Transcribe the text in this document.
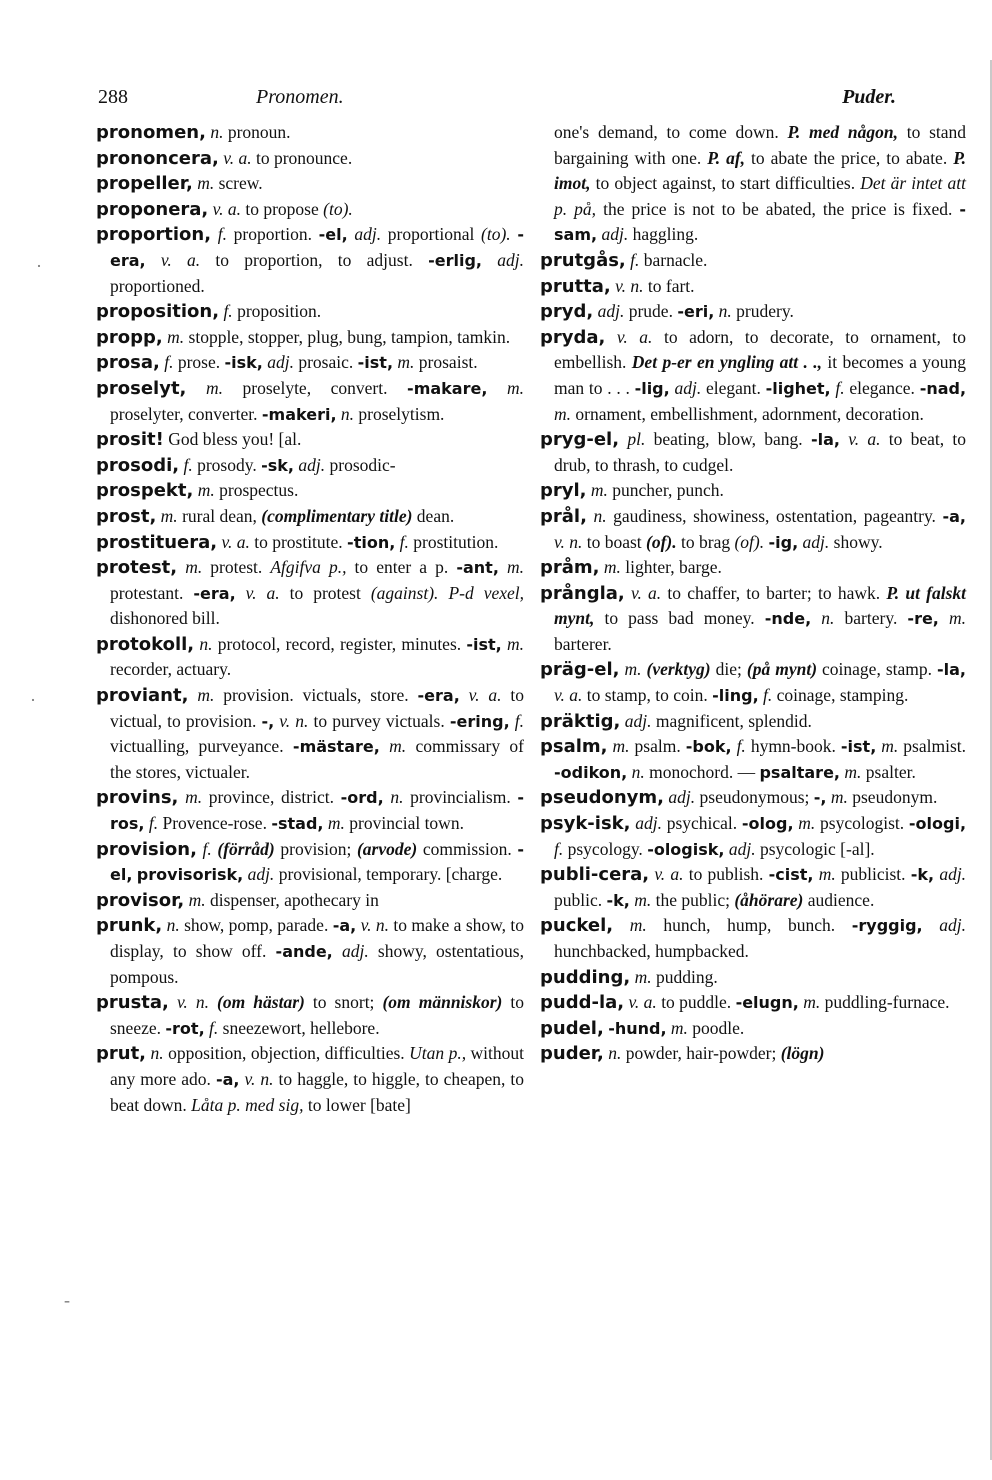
·
·
-
288	Pronomen.	Puder.

pronomen, n. pronoun.

prononcera, v. a. to pronounce.

propeller, m. screw.

proponera, v. a. to propose (to).

proportion, f. proportion. -el, adj. proportional (to). -era, v. a. to proportion, to adjust. -erlig, adj. proportioned.

proposition, f. proposition.

propp, m. stopple, stopper, plug, bung, tampion, tamkin.

prosa, f. prose. -isk, adj. prosaic. -ist, m. prosaist.

proselyt, m. proselyte, convert. -makare, m. proselyter, converter. -makeri, n. proselytism.

prosit! God bless you! [al.

prosodi, f. prosody. -sk, adj. prosodic-

prospekt, m. prospectus.

prost, m. rural dean, (complimentary title) dean.

prostituera, v. a. to prostitute. -tion, f. prostitution.

protest, m. protest. Afgifva p., to enter a p. -ant, m. protestant. -era, v. a. to protest (against). P-d vexel, dishonored bill.

protokoll, n. protocol, record, register, minutes. -ist, m. recorder, actuary.

proviant, m. provision. victuals, store. -era, v. a. to victual, to provision. -, v. n. to purvey victuals. -ering, f. victualling, purveyance. -mästare, m. commissary of the stores, victualer.

provins, m. province, district. -ord, n. provincialism. -ros, f. Provence-rose. -stad, m. provincial town.

provision, f. (förråd) provision; (arvode) commission. -el, provisorisk, adj. provisional, temporary. [charge.

provisor, m. dispenser, apothecary in

prunk, n. show, pomp, parade. -a, v. n. to make a show, to display, to show off. -ande, adj. showy, ostentatious, pompous.

prusta, v. n. (om hästar) to snort; (om människor) to sneeze. -rot, f. sneezewort, hellebore.

prut, n. opposition, objection, difficulties. Utan p., without any more ado. -a, v. n. to haggle, to higgle, to cheapen, to beat down. Låta p. med sig, to lower [bate]

one's demand, to come down. P. med någon, to stand bargaining with one. P. af, to abate the price, to abate. P. imot, to object against, to start difficulties. Det är intet att p. på, the price is not to be abated, the price is fixed. -sam, adj. haggling.

prutgås, f. barnacle.

prutta, v. n. to fart.

pryd, adj. prude. -eri, n. prudery.

pryda, v. a. to adorn, to decorate, to ornament, to embellish. Det p-er en yngling att . ., it becomes a young man to . . . -lig, adj. elegant. -lighet, f. elegance. -nad, m. ornament, embellishment, adornment, decoration.

pryg-el, pl. beating, blow, bang. -la, v. a. to beat, to drub, to thrash, to cudgel.

pryl, m. puncher, punch.

prål, n. gaudiness, showiness, ostentation, pageantry. -a, v. n. to boast (of). to brag (of). -ig, adj. showy.

pråm, m. lighter, barge.

prångla, v. a. to chaffer, to barter; to hawk. P. ut falskt mynt, to pass bad money. -nde, n. bartery. -re, m. barterer.

präg-el, m. (verktyg) die; (på mynt) coinage, stamp. -la, v. a. to stamp, to coin. -ling, f. coinage, stamping.

präktig, adj. magnificent, splendid.

psalm, m. psalm. -bok, f. hymn-book. -ist, m. psalmist. -odikon, n. monochord. — psaltare, m. psalter.

pseudonym, adj. pseudonymous; -, m. pseudonym.

psyk-isk, adj. psychical. -olog, m. psycologist. -ologi, f. psycology. -ologisk, adj. psycologic [-al].

publi-cera, v. a. to publish. -cist, m. publicist. -k, adj. public. -k, m. the public; (åhörare) audience.

puckel, m. hunch, hump, bunch. -ryggig, adj. hunchbacked, humpbacked.

pudding, m. pudding.

pudd-la, v. a. to puddle. -elugn, m. puddling-furnace.

pudel, -hund, m. poodle.

puder, n. powder, hair-powder; (lögn)
